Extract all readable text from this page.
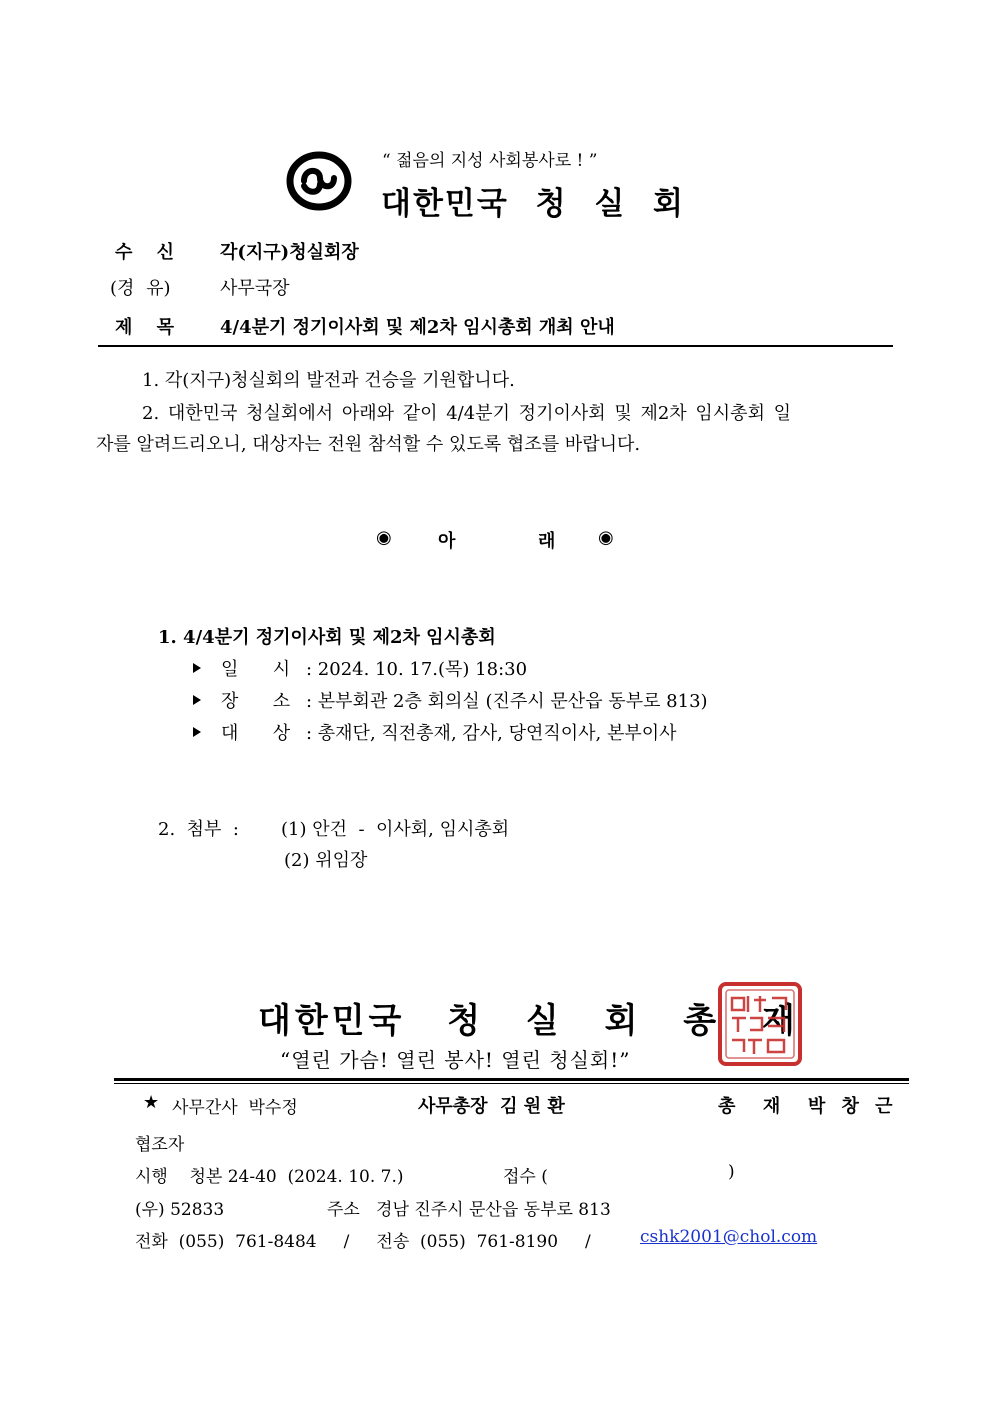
“ 젊음의 지성 사회봉사로 ! ”
대한민국 청 실 회
수 신	각(지구)청실회장
(경 유)	사무국장
제 목	4/4분기 정기이사회 및 제2차 임시총회 개최 안내
1. 각(지구)청실회의 발전과 건승을 기원합니다.
2. 대한민국 청실회에서 아래와 같이 4/4분기 정기이사회 및 제2차 임시총회 일
자를 알려드리오니, 대상자는 전원 참석할 수 있도록 협조를 바랍니다.
◉	아	래 ◉
1. 4/4분기 정기이사회 및 제2차 임시총회
일      시 : 2024. 10. 17.(목) 18:30
장      소 : 본부회관 2층 회의실 (진주시 문산읍 동부로 813)
대      상 : 총재단, 직전총재, 감사, 당연직이사, 본부이사
2.  첨부  : (1) 안건  -  이사회, 임시총회
(2) 위임장
대한민국 청 실 회 총 재
“열린 가슴! 열린 봉사! 열린 청실회!”
★ 사무간사  박수정	사무총장  김 원 환	총  재  박 창 근
협조자
시행    청본 24-40  (2024. 10. 7.)	접수 (	)
(우) 52833	주소   경남 진주시 문산읍 동부로 813
전화  (055)  761-8484     /     전송  (055)  761-8190     /	cshk2001@chol.com
